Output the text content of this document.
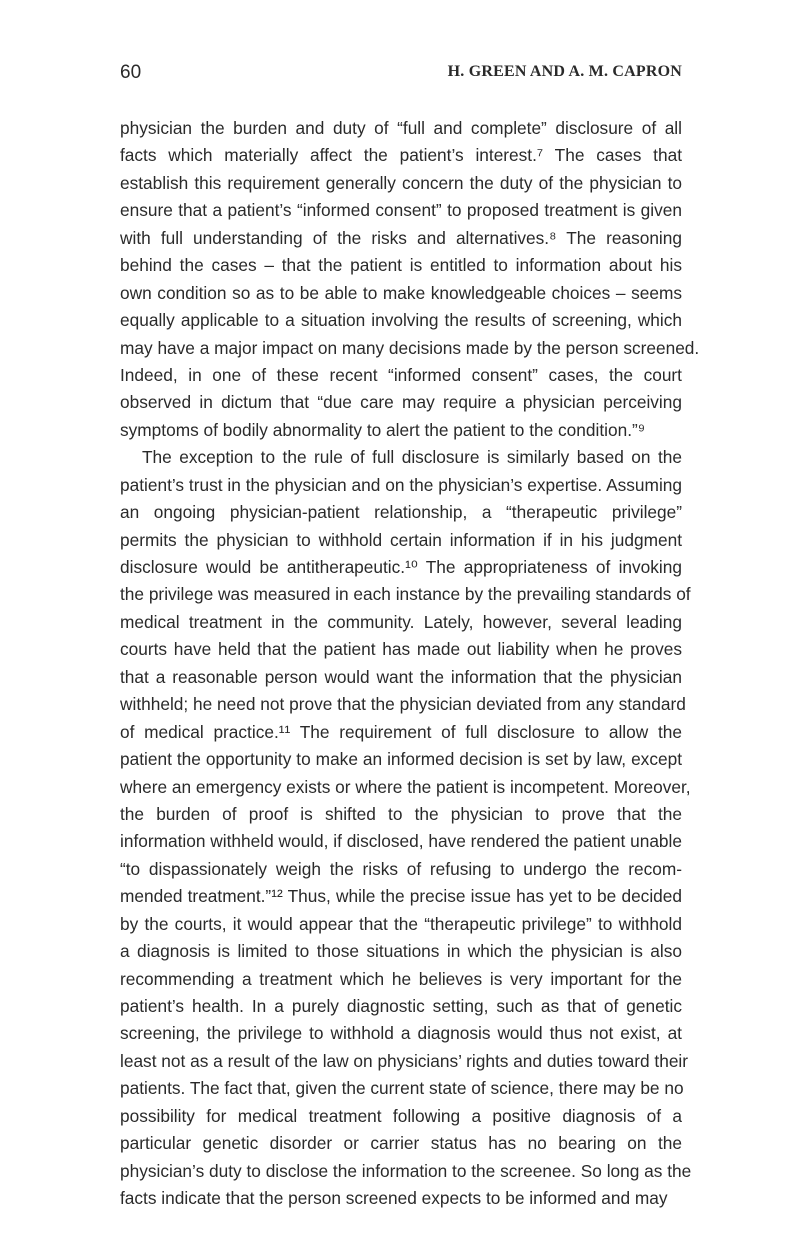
60	H. GREEN AND A. M. CAPRON
physician the burden and duty of “full and complete” disclosure of all
facts which materially affect the patient’s interest.⁷ The cases that
establish this requirement generally concern the duty of the physician to
ensure that a patient’s “informed consent” to proposed treatment is given
with full understanding of the risks and alternatives.⁸ The reasoning
behind the cases – that the patient is entitled to information about his
own condition so as to be able to make knowledgeable choices – seems
equally applicable to a situation involving the results of screening, which
may have a major impact on many decisions made by the person screened.
Indeed, in one of these recent “informed consent” cases, the court
observed in dictum that “due care may require a physician perceiving
symptoms of bodily abnormality to alert the patient to the condition.”⁹
The exception to the rule of full disclosure is similarly based on the
patient’s trust in the physician and on the physician’s expertise. Assuming
an ongoing physician-patient relationship, a “therapeutic privilege”
permits the physician to withhold certain information if in his judgment
disclosure would be antitherapeutic.¹⁰ The appropriateness of invoking
the privilege was measured in each instance by the prevailing standards of
medical treatment in the community. Lately, however, several leading
courts have held that the patient has made out liability when he proves
that a reasonable person would want the information that the physician
withheld; he need not prove that the physician deviated from any standard
of medical practice.¹¹ The requirement of full disclosure to allow the
patient the opportunity to make an informed decision is set by law, except
where an emergency exists or where the patient is incompetent. Moreover,
the burden of proof is shifted to the physician to prove that the
information withheld would, if disclosed, have rendered the patient unable
“to dispassionately weigh the risks of refusing to undergo the recom-
mended treatment.”¹² Thus, while the precise issue has yet to be decided
by the courts, it would appear that the “therapeutic privilege” to withhold
a diagnosis is limited to those situations in which the physician is also
recommending a treatment which he believes is very important for the
patient’s health. In a purely diagnostic setting, such as that of genetic
screening, the privilege to withhold a diagnosis would thus not exist, at
least not as a result of the law on physicians’ rights and duties toward their
patients. The fact that, given the current state of science, there may be no
possibility for medical treatment following a positive diagnosis of a
particular genetic disorder or carrier status has no bearing on the
physician’s duty to disclose the information to the screenee. So long as the
facts indicate that the person screened expects to be informed and may
